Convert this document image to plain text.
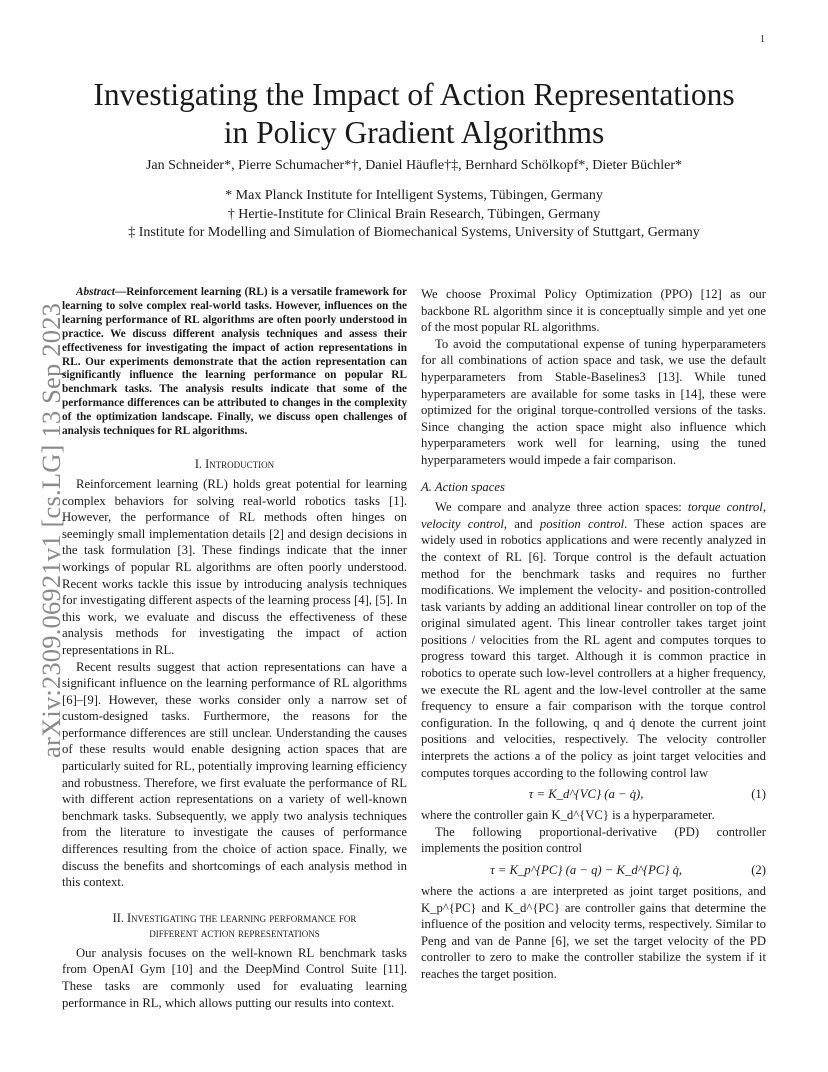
1
arXiv:2309.06921v1 [cs.LG] 13 Sep 2023
Investigating the Impact of Action Representations
in Policy Gradient Algorithms
Jan Schneider*, Pierre Schumacher*†, Daniel Häufle†‡, Bernhard Schölkopf*, Dieter Büchler*
* Max Planck Institute for Intelligent Systems, Tübingen, Germany
† Hertie-Institute for Clinical Brain Research, Tübingen, Germany
‡ Institute for Modelling and Simulation of Biomechanical Systems, University of Stuttgart, Germany

Abstract—Reinforcement learning (RL) is a versatile framework for learning to solve complex real-world tasks. However, influences on the learning performance of RL algorithms are often poorly understood in practice. We discuss different analysis techniques and assess their effectiveness for investigating the impact of action representations in RL. Our experiments demonstrate that the action representation can significantly influence the learning performance on popular RL benchmark tasks. The analysis results indicate that some of the performance differences can be attributed to changes in the complexity of the optimization landscape. Finally, we discuss open challenges of analysis techniques for RL algorithms.

I. Introduction

Reinforcement learning (RL) holds great potential for learning complex behaviors for solving real-world robotics tasks [1]. However, the performance of RL methods often hinges on seemingly small implementation details [2] and design decisions in the task formulation [3]. These findings indicate that the inner workings of popular RL algorithms are often poorly understood. Recent works tackle this issue by introducing analysis techniques for investigating different aspects of the learning process [4], [5]. In this work, we evaluate and discuss the effectiveness of these analysis methods for investigating the impact of action representations in RL.

Recent results suggest that action representations can have a significant influence on the learning performance of RL algorithms [6]–[9]. However, these works consider only a narrow set of custom-designed tasks. Furthermore, the reasons for the performance differences are still unclear. Understanding the causes of these results would enable designing action spaces that are particularly suited for RL, potentially improving learning efficiency and robustness. Therefore, we first evaluate the performance of RL with different action representations on a variety of well-known benchmark tasks. Subsequently, we apply two analysis techniques from the literature to investigate the causes of performance differences resulting from the choice of action space. Finally, we discuss the benefits and shortcomings of each analysis method in this context.

II. Investigating the learning performance for
different action representations

Our analysis focuses on the well-known RL benchmark tasks from OpenAI Gym [10] and the DeepMind Control Suite [11]. These tasks are commonly used for evaluating learning performance in RL, which allows putting our results into context.

We choose Proximal Policy Optimization (PPO) [12] as our backbone RL algorithm since it is conceptually simple and yet one of the most popular RL algorithms.

To avoid the computational expense of tuning hyperparameters for all combinations of action space and task, we use the default hyperparameters from Stable-Baselines3 [13]. While tuned hyperparameters are available for some tasks in [14], these were optimized for the original torque-controlled versions of the tasks. Since changing the action space might also influence which hyperparameters work well for learning, using the tuned hyperparameters would impede a fair comparison.

A. Action spaces

We compare and analyze three action spaces: torque control, velocity control, and position control. These action spaces are widely used in robotics applications and were recently analyzed in the context of RL [6]. Torque control is the default actuation method for the benchmark tasks and requires no further modifications. We implement the velocity- and position-controlled task variants by adding an additional linear controller on top of the original simulated agent. This linear controller takes target joint positions / velocities from the RL agent and computes torques to progress toward this target. Although it is common practice in robotics to operate such low-level controllers at a higher frequency, we execute the RL agent and the low-level controller at the same frequency to ensure a fair comparison with the torque control configuration. In the following, q and q̇ denote the current joint positions and velocities, respectively. The velocity controller interprets the actions a of the policy as joint target velocities and computes torques according to the following control law

τ = K_d^{VC} (a − q̇),	(1)

where the controller gain K_d^{VC} is a hyperparameter.

The following proportional-derivative (PD) controller implements the position control

τ = K_p^{PC} (a − q) − K_d^{PC} q̇,	(2)

where the actions a are interpreted as joint target positions, and K_p^{PC} and K_d^{PC} are controller gains that determine the influence of the position and velocity terms, respectively. Similar to Peng and van de Panne [6], we set the target velocity of the PD controller to zero to make the controller stabilize the system if it reaches the target position.
